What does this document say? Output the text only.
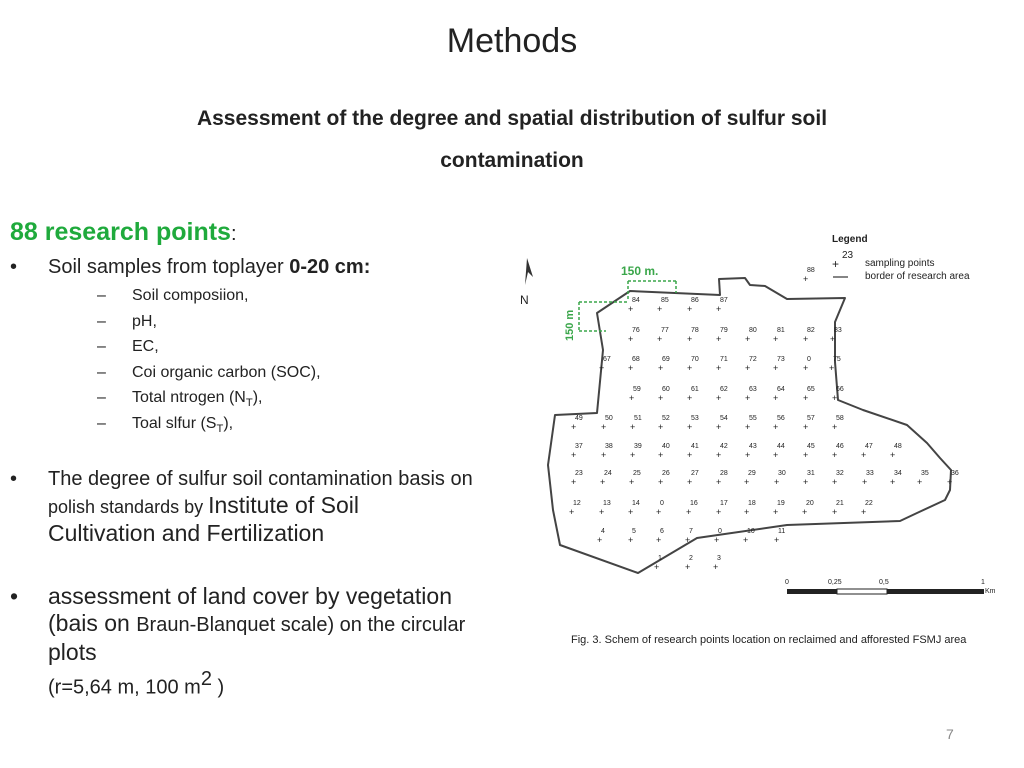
Methods
Assessment of the degree and spatial distribution of sulfur soil contamination
88 research points:
• Soil samples from toplayer 0-20 cm:
– Soil composiion,
– pH,
– EC,
– Coi organic carbon (SOC),
– Total ntrogen $(N_T)$,
– Toal slfur $(S_T)$,
• The degree of sulfur soil contamination basis on
polish standards by Institute of Soil
Cultivation and Fertilization
• assessment of land cover by vegetation
(bais on Braun-Blanquet scale) on the circular
plots
(r=5,64 m, 100 $m^2$ )
N
150 m.
150 m
Legend
+
23
sampling points
border of research area
1
+
2
+
3
+
4
+
5
+
6
+
7
+
0
+
10
+
11
+
12
+
13
+
14
+
0
+
16
+
17
+
18
+
19
+
20
+
21
+
22
+
23
+
24
+
25
+
26
+
27
+
28
+
29
+
30
+
31
+
32
+
33
+
34
+
35
+
36
+
37
+
38
+
39
+
40
+
41
+
42
+
43
+
44
+
45
+
46
+
47
+
48
+
49
+
50
+
51
+
52
+
53
+
54
+
55
+
56
+
57
+
58
+
59
+
60
+
61
+
62
+
63
+
64
+
65
+
66
+
67
+
68
+
69
+
70
+
71
+
72
+
73
+
0
+
75
+
76
+
77
+
78
+
79
+
80
+
81
+
82
+
83
+
84
+
85
+
86
+
87
+
88
+
0	0,25	0,5	1
Km
Fig. 3. Schem of research points location on reclaimed and afforested FSMJ area
7
